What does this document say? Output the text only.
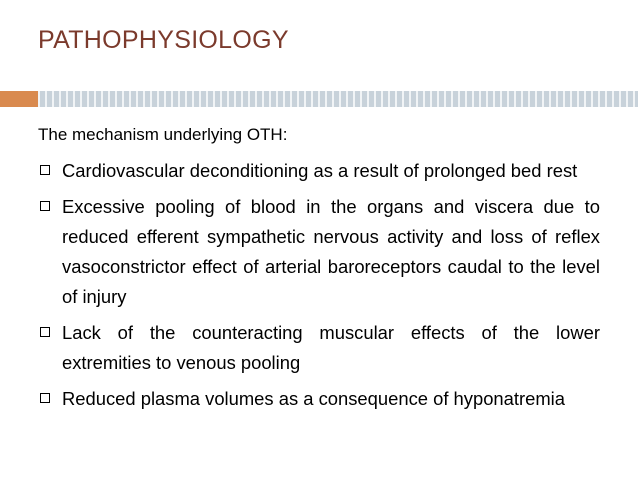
PATHOPHYSIOLOGY
The mechanism underlying OTH:
Cardiovascular deconditioning as a result of prolonged bed rest
Excessive pooling of blood in the organs and viscera due to reduced efferent sympathetic nervous activity and loss of reflex vasoconstrictor effect of arterial baroreceptors caudal to the level of injury
Lack of the counteracting muscular effects of the lower extremities to venous pooling
Reduced plasma volumes as a consequence of hyponatremia
